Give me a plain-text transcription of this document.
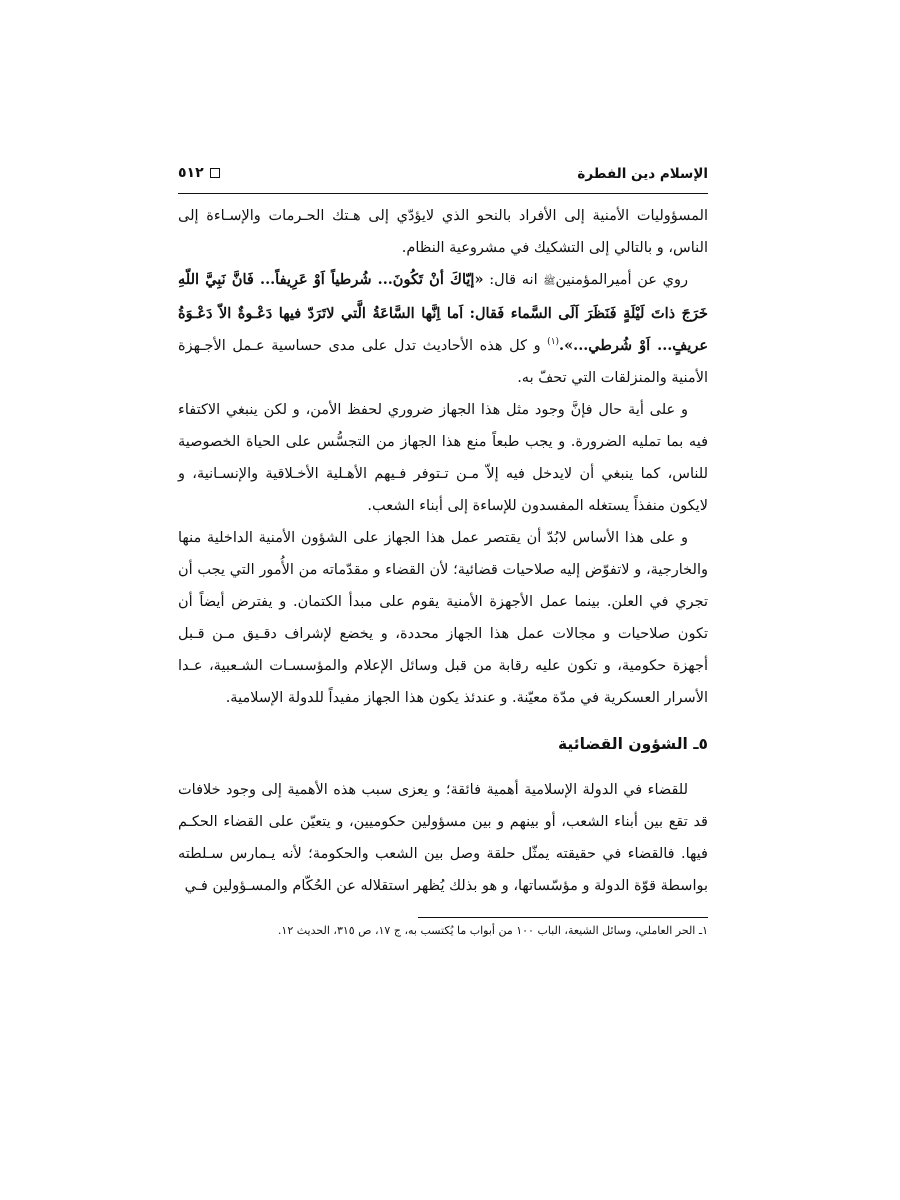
الإسلام دين الفطرة
٥١٢

المسؤوليات الأمنية إلى الأفراد بالنحو الذي لايؤدّي إلى هـتك الحـرمات والإسـاءة إلى الناس، و بالتالي إلى التشكيك في مشروعية النظام.

روي عن أميرالمؤمنينﷺ انه قال: «إيّاكَ أنْ تَكُونَ... شُرطياً اَوْ عَرِيفاً... فَانَّ نَبِيَّ اللّهِ خَرَجَ ذاتَ لَيْلَةٍ فَنَظَرَ اَلَى السَّماء فَقال: اَما اِنَّها السَّاعَةُ الَّتي لاتَرَدّ فيها دَعْـوةٌ الاّ دَعْـوَةُ عريفٍ... اَوْ شُرطي...».$^{(١)}$ و كل هذه الأحاديث تدل على مدى حساسية عـمل الأجـهزة الأمنية والمنزلقات التي تحفّ به.

و على أية حال فإنَّ وجود مثل هذا الجهاز ضروري لحفظ الأمن، و لكن ينبغي الاكتفاء فيه بما تمليه الضرورة. و يجب طبعاً منع هذا الجهاز من التجسُّس على الحياة الخصوصية للناس، كما ينبغي أن لايدخل فيه إلاّ مـن تـتوفر فـيهم الأهـلية الأخـلاقية والإنسـانية، و لايكون منفذاً يستغله المفسدون للإساءة إلى أبناء الشعب.

و على هذا الأساس لابُدّ أن يقتصر عمل هذا الجهاز على الشؤون الأمنية الداخلية منها والخارجية، و لاتفوّض إليه صلاحيات قضائية؛ لأن القضاء و مقدّماته من الأُمور التي يجب أن تجري في العلن. بينما عمل الأجهزة الأمنية يقوم على مبدأ الكتمان. و يفترض أيضاً أن تكون صلاحيات و مجالات عمل هذا الجهاز محددة، و يخضع لإشراف دقـيق مـن قـبل أجهزة حكومية، و تكون عليه رقابة من قبل وسائل الإعلام والمؤسسـات الشـعبية، عـدا الأسرار العسكرية في مدّة معيّنة. و عندئذ يكون هذا الجهاز مفيداً للدولة الإسلامية.

٥ـ الشؤون القضائية

للقضاء في الدولة الإسلامية أهمية فائقة؛ و يعزى سبب هذه الأهمية إلى وجود خلافات قد تقع بين أبناء الشعب، أو بينهم و بين مسؤولين حكوميين، و يتعيّن على القضاء الحكـم فيها. فالقضاء في حقيقته يمثّل حلقة وصل بين الشعب والحكومة؛ لأنه يـمارس سـلطته بواسطة قوّة الدولة و مؤسّساتها، و هو بذلك يُظهر استقلاله عن الحُكّام والمسـؤولين فـي

١ـ الحر العاملي، وسائل الشيعة، الباب ١٠٠ من أبواب ما يُكتسب به، ج ١٧، ص ٣١٥، الحديث ١٢.
